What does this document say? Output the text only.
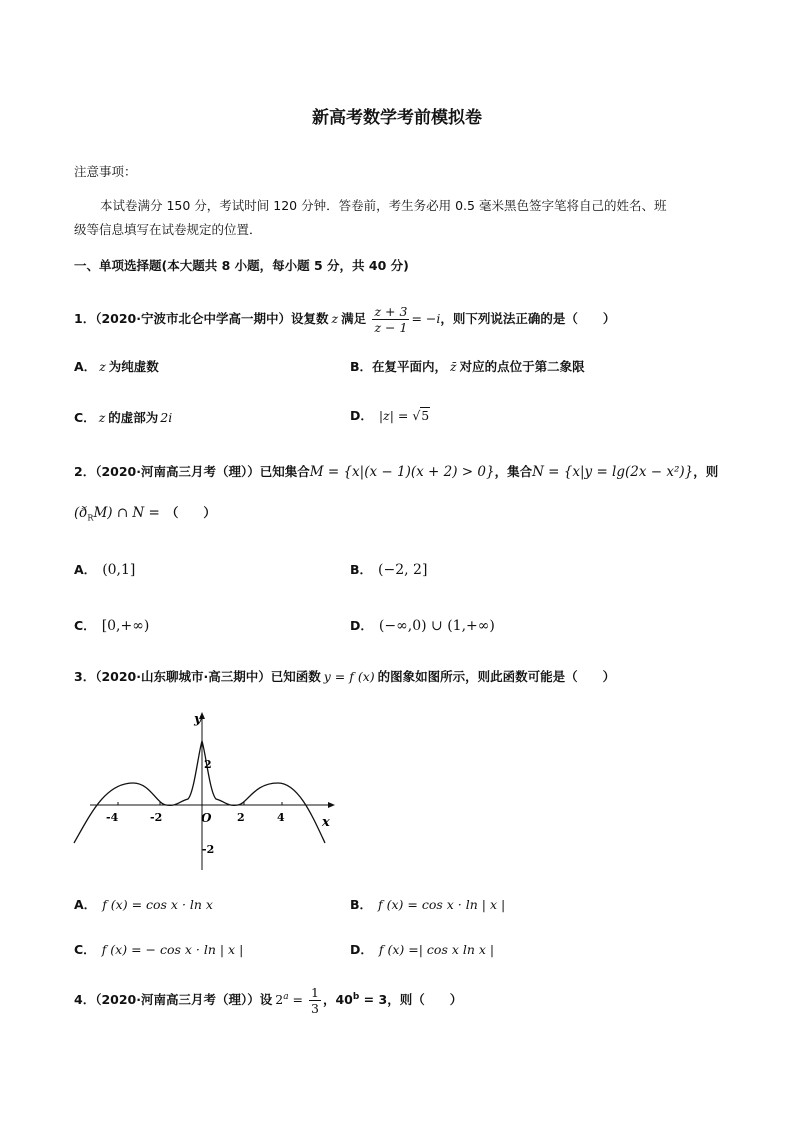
新高考数学考前模拟卷
注意事项：
本试卷满分 150 分，考试时间 120 分钟．答卷前，考生务必用 0.5 毫米黑色签字笔将自己的姓名、班
级等信息填写在试卷规定的位置．
一、单项选择题(本大题共 8 小题，每小题 5 分，共 40 分)
1．（2020·宁波市北仑中学高一期中）设复数 z 满足 $\frac{z + 3}{z - 1} = -i$，则下列说法正确的是（　　）
A． z 为纯虚数	B．在复平面内， z̄ 对应的点位于第二象限
C． z 的虚部为 2i	D． |z| = √5
2．（2020·河南高三月考（理））已知集合M = {x|(x − 1)(x + 2) > 0}，集合N = {x|y = lg(2x − x²)}，则
$(ð_RM)$ ∩ N = （　　）
A． (0,1]	B． (−2, 2]
C． [0,+∞)	D． (−∞,0) ∪ (1,+∞)
3．（2020·山东聊城市·高三期中）已知函数 y = f (x) 的图象如图所示，则此函数可能是（　　）
y
x
O
-4	-2	2	4
2
-2
A． f (x) = cos x · ln x	B． f (x) = cos x · ln | x |
C． f (x) = − cos x · ln | x |	D． f (x) =| cos x ln x |
4．（2020·河南高三月考（理））设 $2^a = \frac{1}{3}$ ，$40^b = 3$，则（　　）
